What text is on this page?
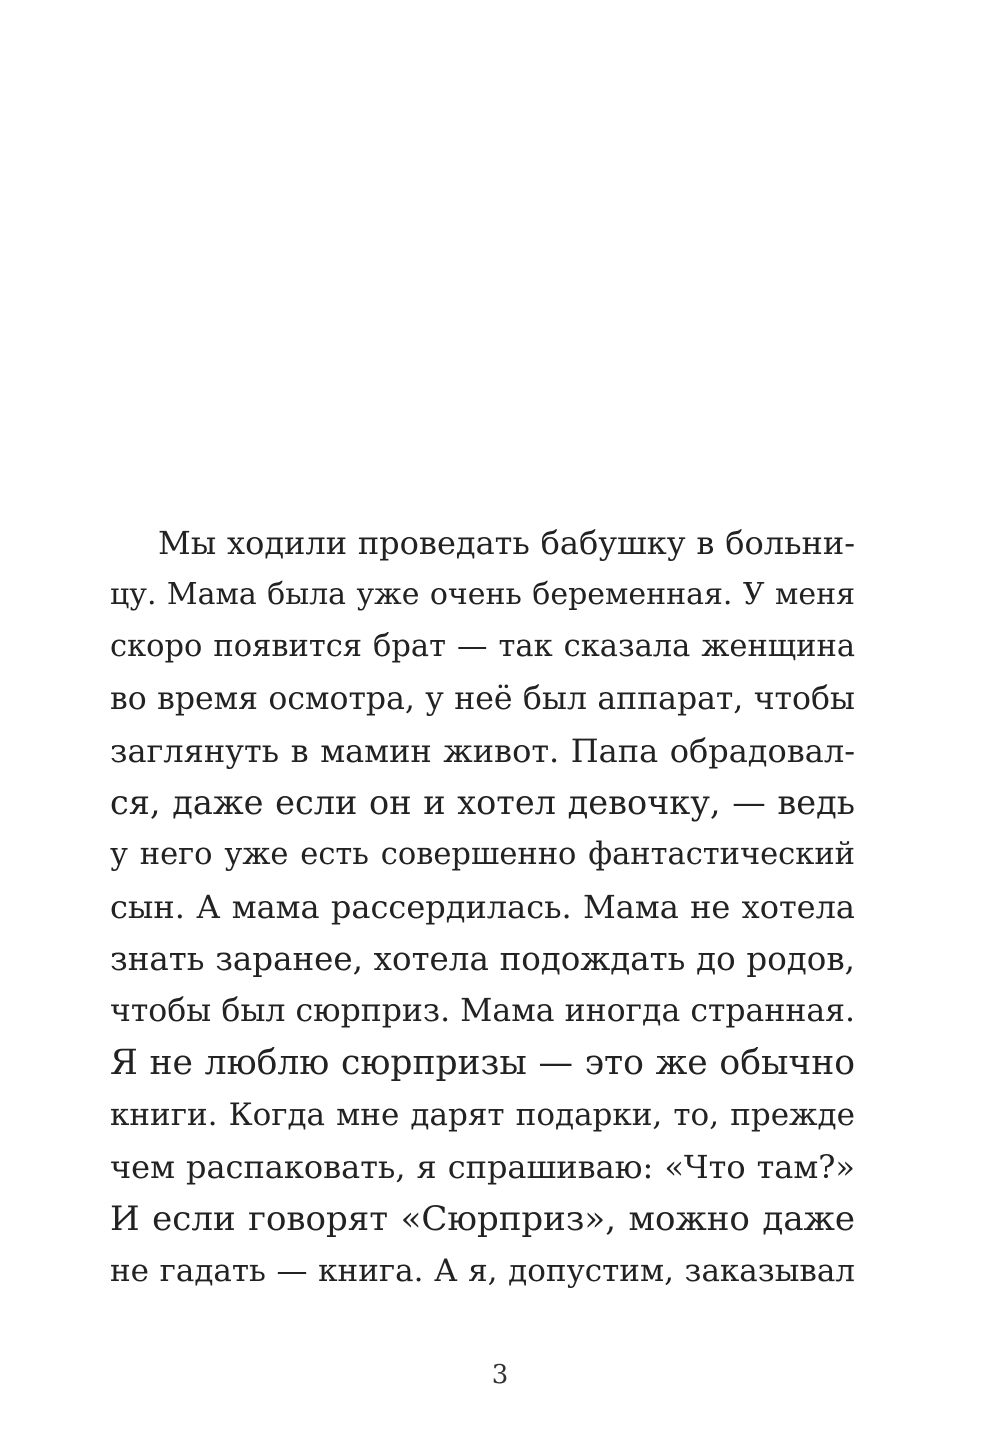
Мы ходили проведать бабушку в больни-
цу. Мама была уже очень беременная. У меня
скоро появится брат — так сказала женщина
во время осмотра, у неё был аппарат, чтобы
заглянуть в мамин живот. Папа обрадовал-
ся, даже если он и хотел девочку, — ведь
у него уже есть совершенно фантастический
сын. А мама рассердилась. Мама не хотела
знать заранее, хотела подождать до родов,
чтобы был сюрприз. Мама иногда странная.
Я не люблю сюрпризы — это же обычно
книги. Когда мне дарят подарки, то, прежде
чем распаковать, я спрашиваю: «Что там?»
И если говорят «Сюрприз», можно даже
не гадать — книга. А я, допустим, заказывал
3
